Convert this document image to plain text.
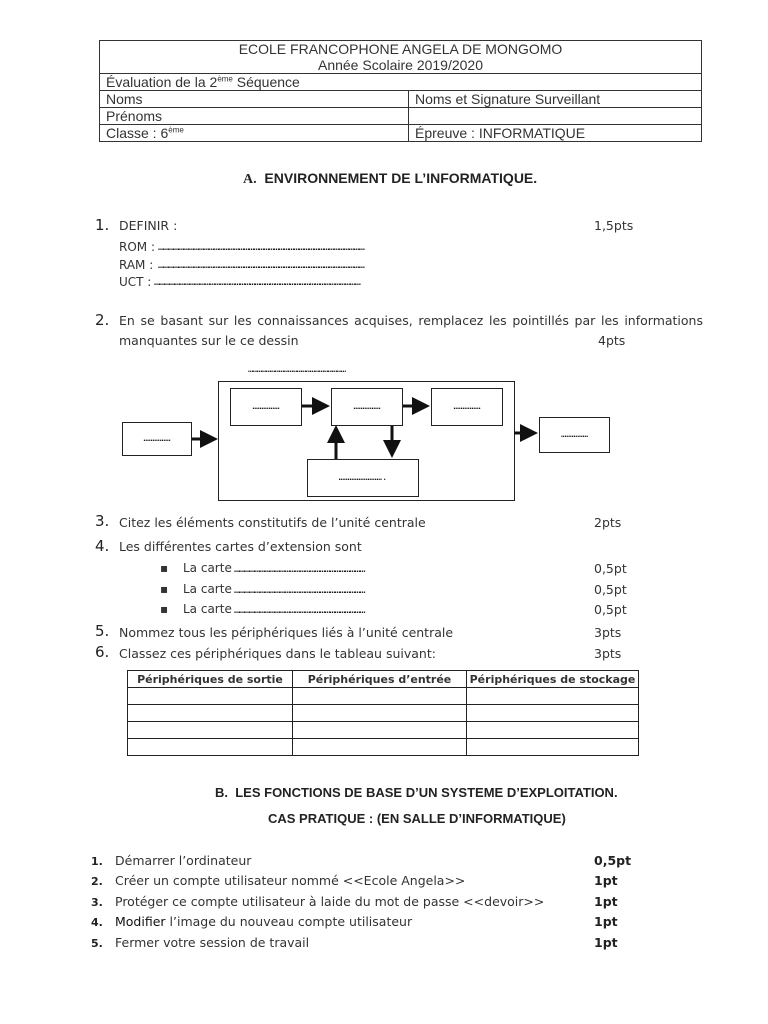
ECOLE FRANCOPHONE ANGELA DE MONGOMO
Année Scolaire 2019/2020	

Évaluation de la 2ème Séquence	
Noms	Noms et Signature Surveillant
Prénoms	
Classe : 6ème	Épreuve : INFORMATIQUE
A. ENVIRONNEMENT DE L’INFORMATIQUE.
1. DEFINIR :	1,5pts
ROM : ……………………………………………………………………………………………………………
RAM : ……………………………………………………………………………………………………………
UCT : ……………………………………………………………………………………………………………
2. En se basant sur les connaissances acquises, remplacez les pointillés par les informations
manquantes sur le ce dessin	4pts
…………………………………………………………
……………
……………	……………	……………
…………………….
……………
3. Citez les éléments constitutifs de l’unité centrale	2pts
4. Les différentes cartes d’extension sont
▪ La carte ……………………………………………………………………	0,5pt
▪ La carte ……………………………………………………………………	0,5pt
▪ La carte ……………………………………………………………………	0,5pt
5. Nommez tous les périphériques liés à l’unité centrale	3pts
6. Classez ces périphériques dans le tableau suivant:	3pts
Périphériques de sortie	Périphériques d’entrée	Périphériques de stockage

B. LES FONCTIONS DE BASE D’UN SYSTEME D’EXPLOITATION.
CAS PRATIQUE : (EN SALLE D’INFORMATIQUE)
1. Démarrer l’ordinateur	0,5pt
2. Créer un compte utilisateur nommé <<Ecole Angela>>	1pt
3. Protéger ce compte utilisateur à laide du mot de passe <<devoir>>	1pt
4. Modifier l’image du nouveau compte utilisateur	1pt
5. Fermer votre session de travail	1pt
